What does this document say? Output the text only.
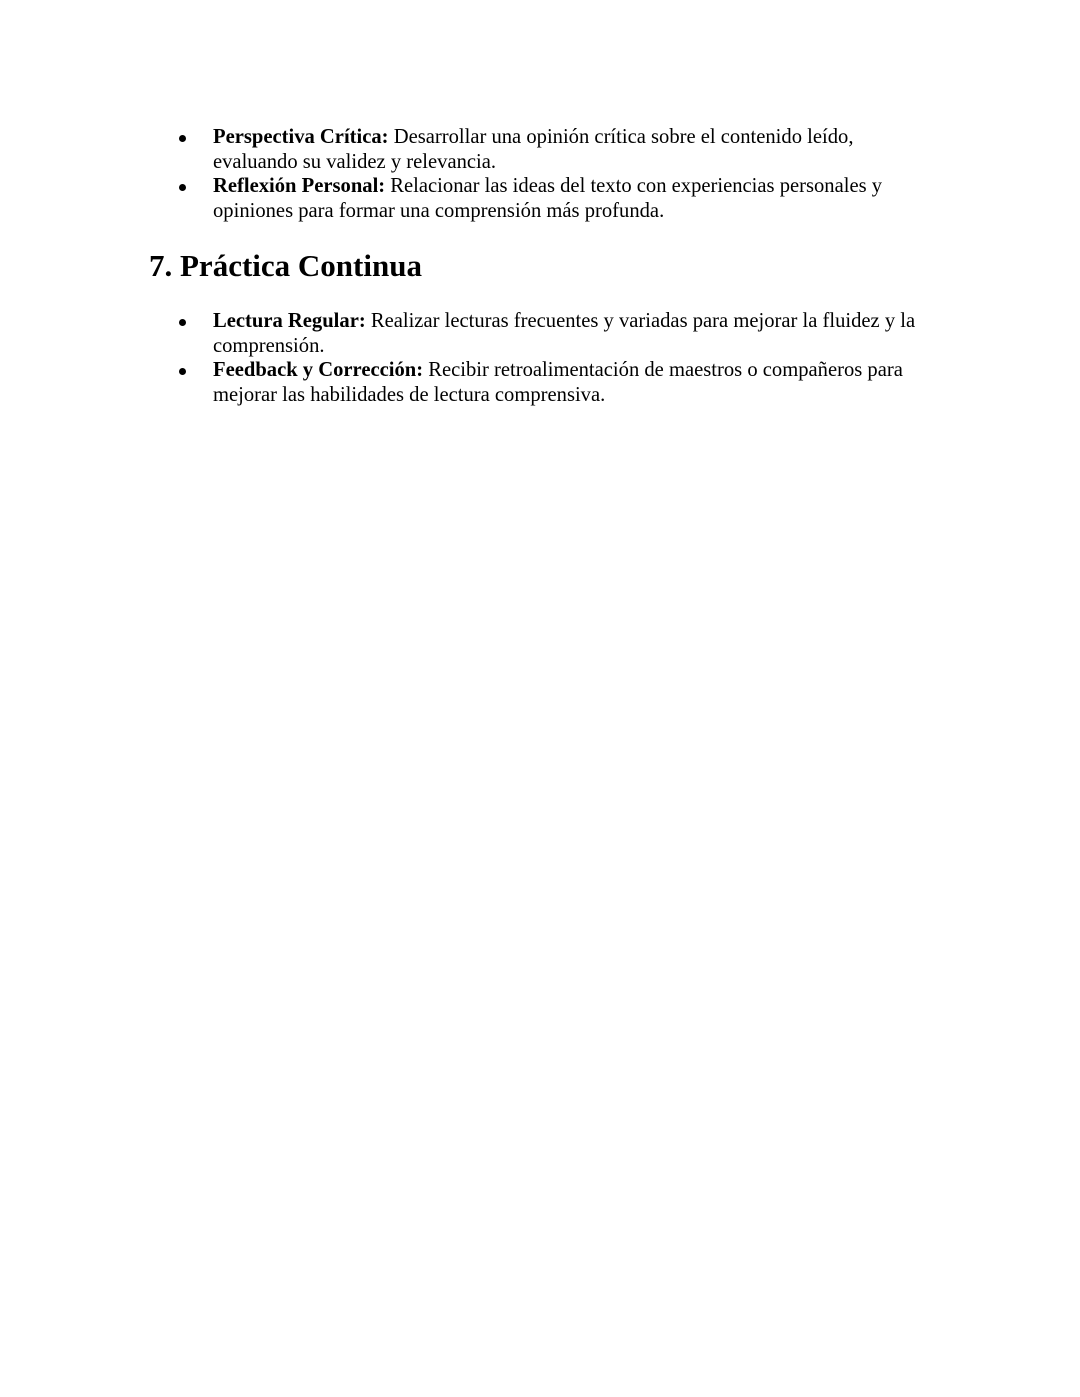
Perspectiva Crítica: Desarrollar una opinión crítica sobre el contenido leído, evaluando su validez y relevancia.
Reflexión Personal: Relacionar las ideas del texto con experiencias personales y opiniones para formar una comprensión más profunda.
7. Práctica Continua
Lectura Regular: Realizar lecturas frecuentes y variadas para mejorar la fluidez y la comprensión.
Feedback y Corrección: Recibir retroalimentación de maestros o compañeros para mejorar las habilidades de lectura comprensiva.
